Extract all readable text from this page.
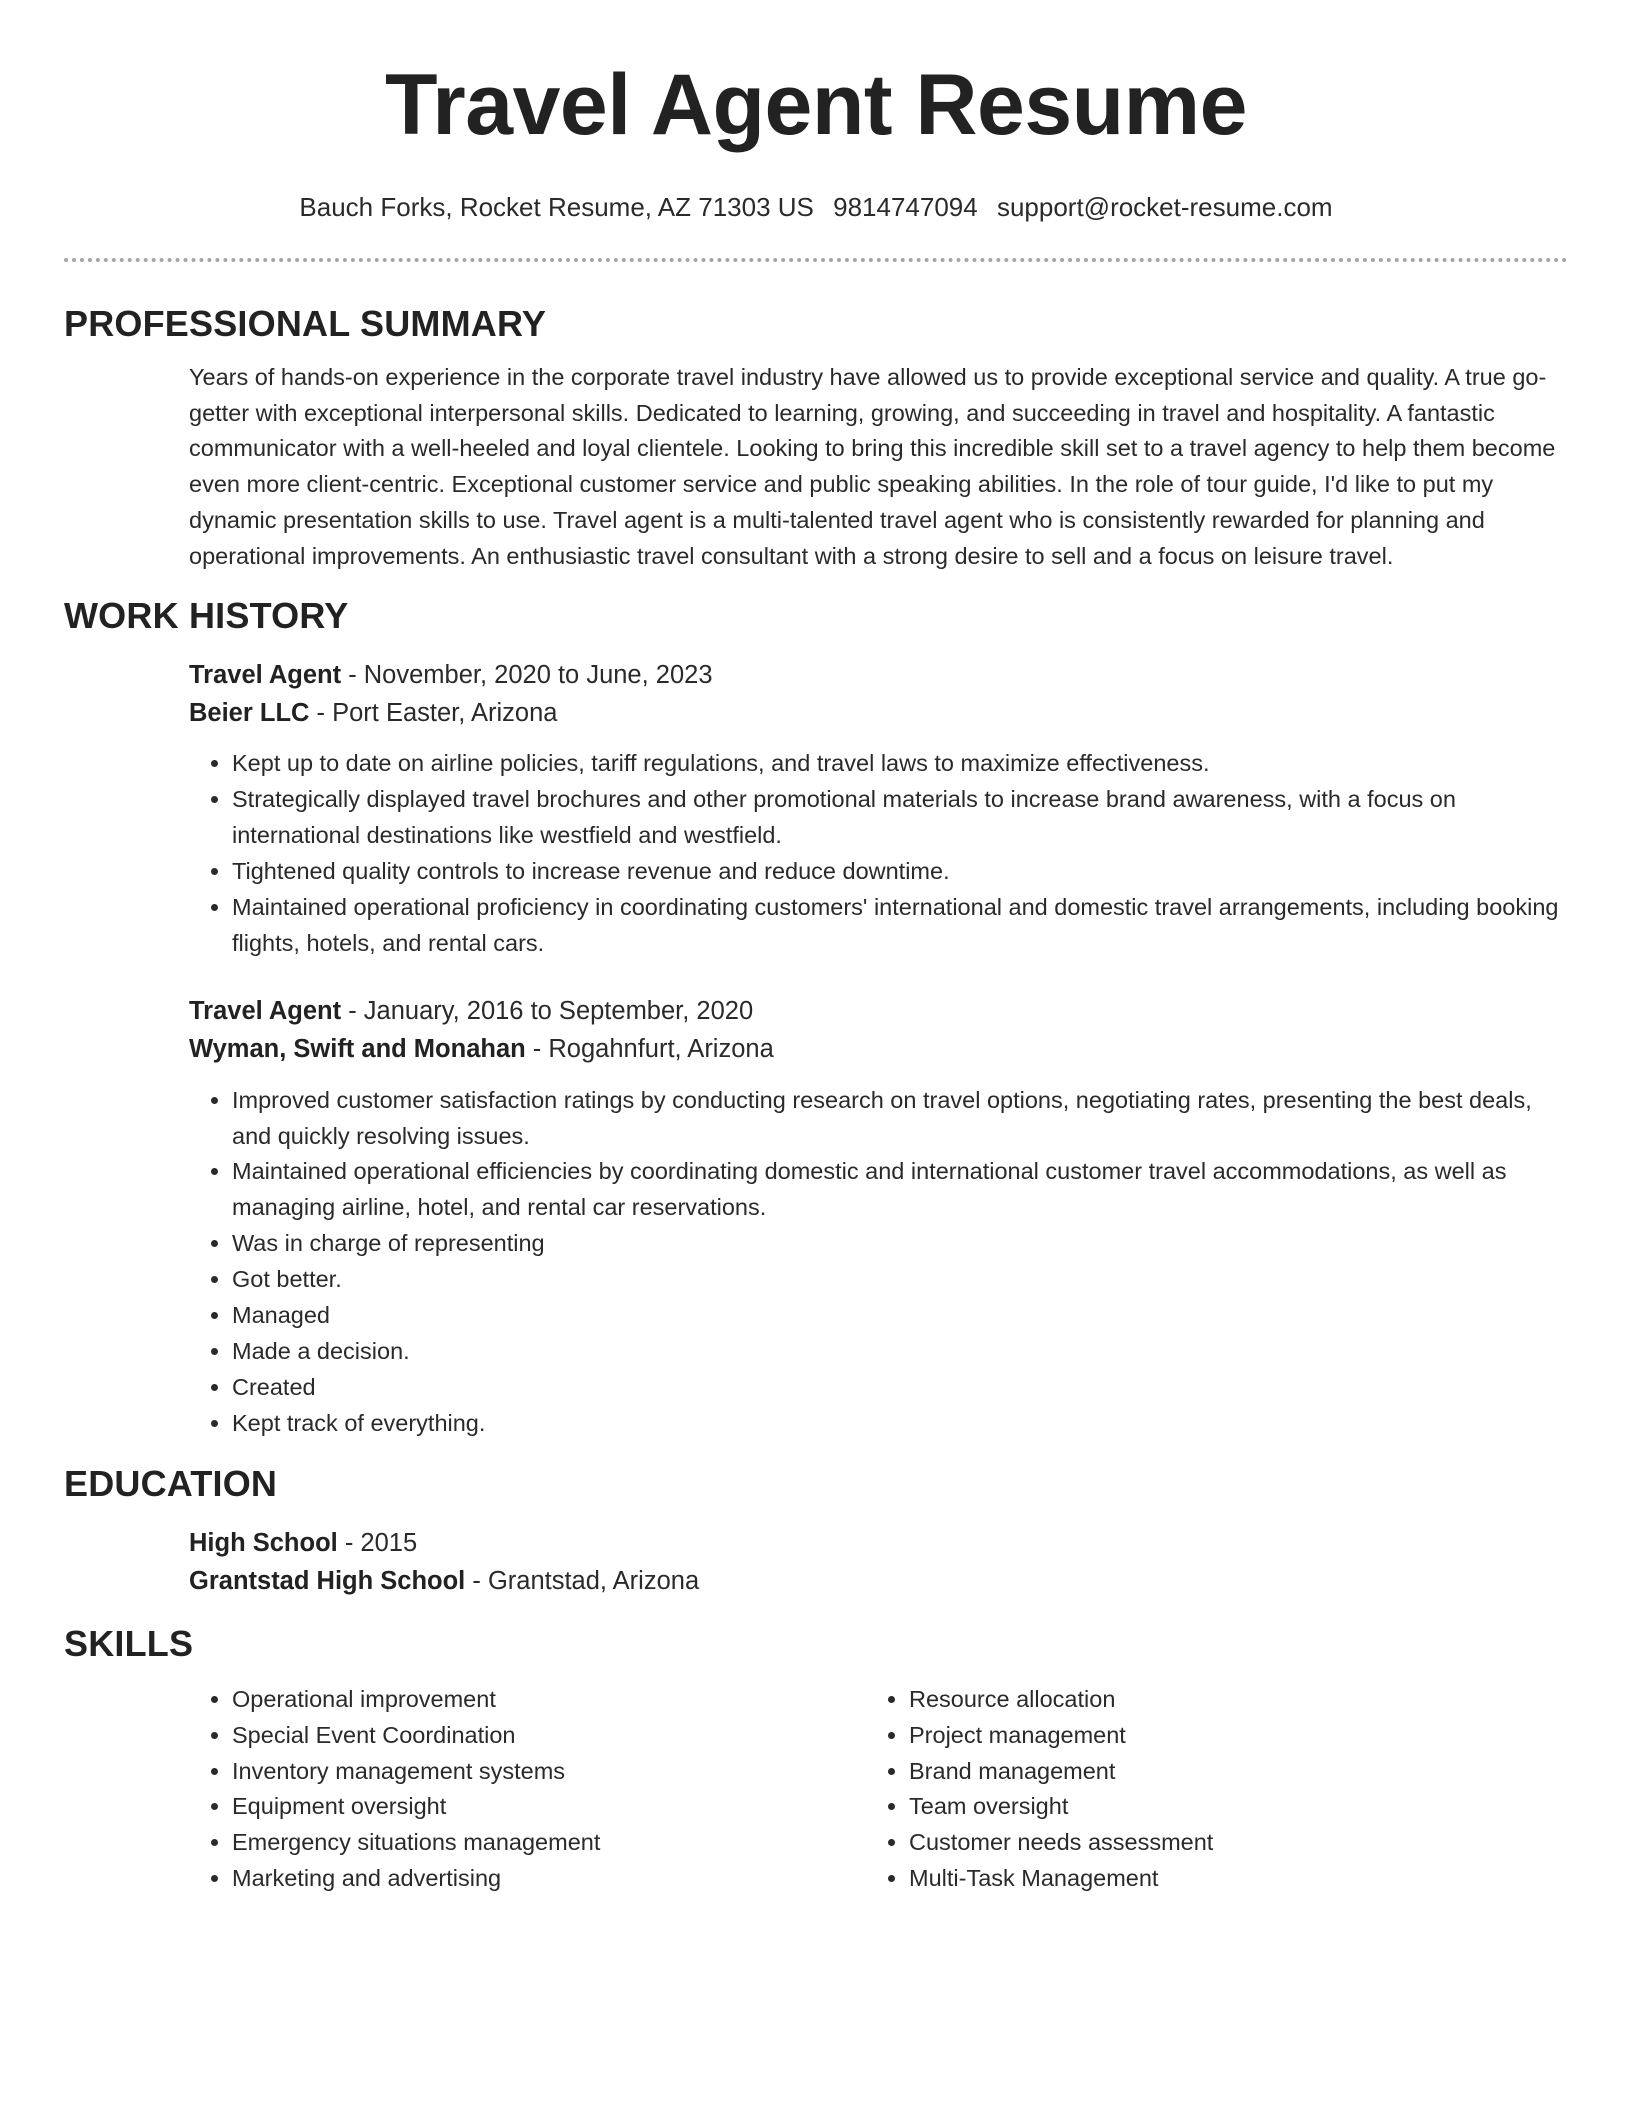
Travel Agent Resume
Bauch Forks, Rocket Resume, AZ 71303 US 9814747094 support@rocket-resume.com
PROFESSIONAL SUMMARY

Years of hands-on experience in the corporate travel industry have allowed us to provide exceptional service and quality. A true go-getter with exceptional interpersonal skills. Dedicated to learning, growing, and succeeding in travel and hospitality. A fantastic communicator with a well-heeled and loyal clientele. Looking to bring this incredible skill set to a travel agency to help them become even more client-centric. Exceptional customer service and public speaking abilities. In the role of tour guide, I'd like to put my dynamic presentation skills to use. Travel agent is a multi-talented travel agent who is consistently rewarded for planning and operational improvements. An enthusiastic travel consultant with a strong desire to sell and a focus on leisure travel.

WORK HISTORY
Travel Agent - November, 2020 to June, 2023
Beier LLC - Port Easter, Arizona
• Kept up to date on airline policies, tariff regulations, and travel laws to maximize effectiveness.
• Strategically displayed travel brochures and other promotional materials to increase brand awareness, with a focus on international destinations like westfield and westfield.
• Tightened quality controls to increase revenue and reduce downtime.
• Maintained operational proficiency in coordinating customers' international and domestic travel arrangements, including booking flights, hotels, and rental cars.
Travel Agent - January, 2016 to September, 2020
Wyman, Swift and Monahan - Rogahnfurt, Arizona
• Improved customer satisfaction ratings by conducting research on travel options, negotiating rates, presenting the best deals, and quickly resolving issues.
• Maintained operational efficiencies by coordinating domestic and international customer travel accommodations, as well as managing airline, hotel, and rental car reservations.
• Was in charge of representing
• Got better.
• Managed
• Made a decision.
• Created
• Kept track of everything.
EDUCATION
High School - 2015
Grantstad High School - Grantstad, Arizona
SKILLS
• Operational improvement
• Special Event Coordination
• Inventory management systems
• Equipment oversight
• Emergency situations management
• Marketing and advertising
• Resource allocation
• Project management
• Brand management
• Team oversight
• Customer needs assessment
• Multi-Task Management
